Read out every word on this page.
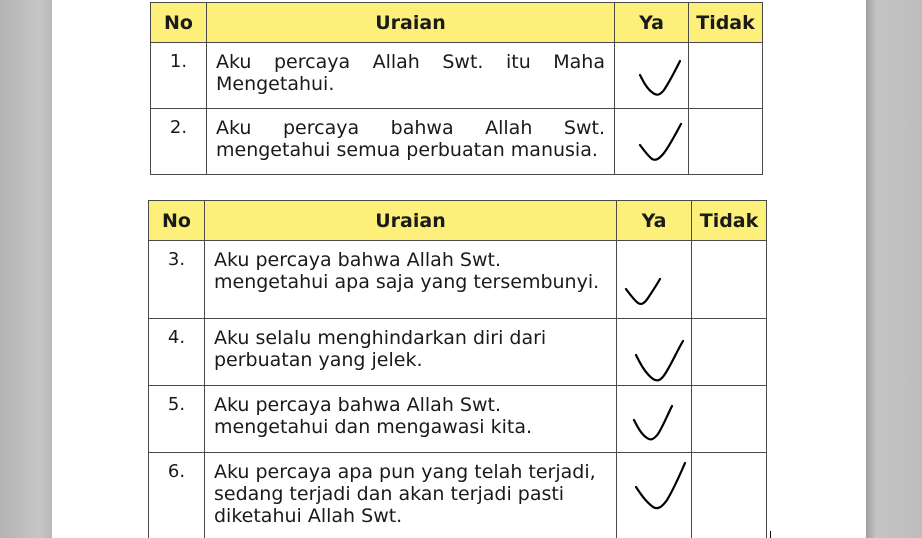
No	Uraian	Ya	Tidak
1.	Aku percaya Allah Swt. itu Maha Mengetahui.	

2.	Aku percaya bahwa Allah Swt. mengetahui semua perbuatan manusia.	

No	Uraian	Ya	Tidak
3.	Aku percaya bahwa Allah Swt. mengetahui apa saja yang tersembunyi.	

4.	Aku selalu menghindarkan diri dari perbuatan yang jelek.	

5.	Aku percaya bahwa Allah Swt. mengetahui dan mengawasi kita.	

6.	Aku percaya apa pun yang telah terjadi, sedang terjadi dan akan terjadi pasti diketahui Allah Swt.	
